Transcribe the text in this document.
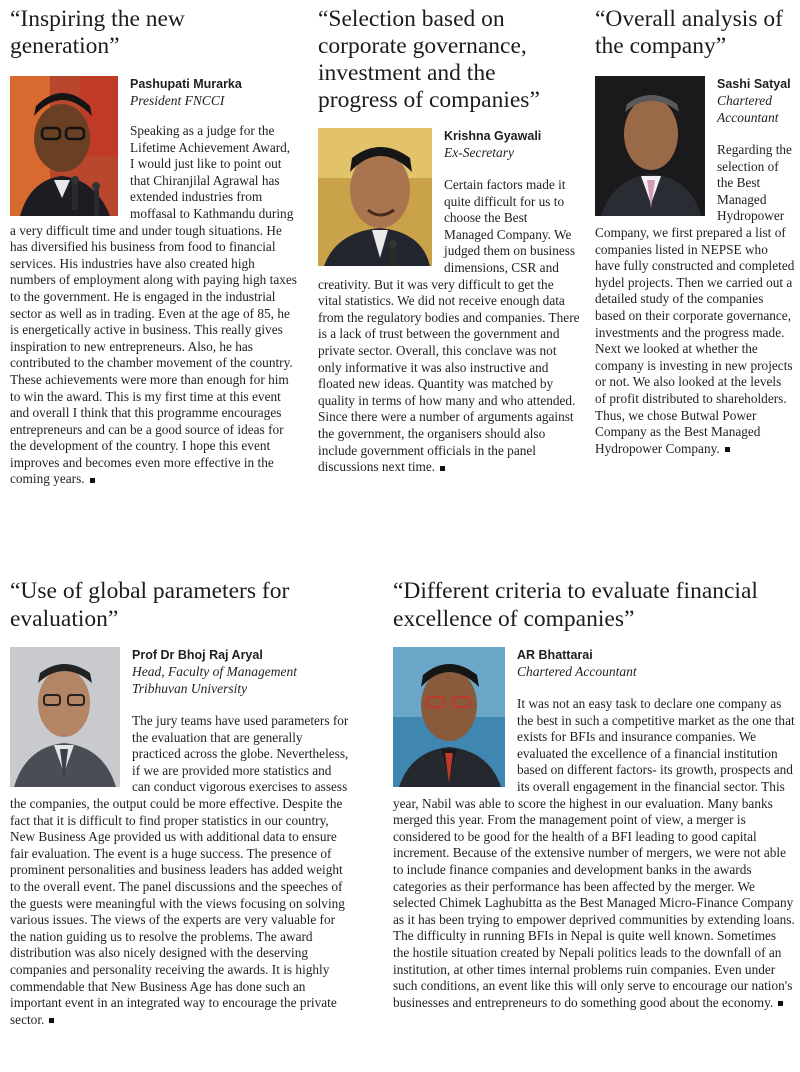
“Inspiring the new generation”
Pashupati Murarka
President FNCCI

Speaking as a judge for the Lifetime Achievement Award, I would just like to point out that Chiranjilal Agrawal has extended industries from moffasal to Kathmandu during a very difficult time and under tough situations. He has diversified his business from food to financial services. His industries have also created high numbers of employment along with paying high taxes to the government. He is engaged in the industrial sector as well as in trading. Even at the age of 85, he is energetically active in business. This really gives inspiration to new entrepreneurs. Also, he has contributed to the chamber movement of the country. These achievements were more than enough for him to win the award. This is my first time at this event and overall I think that this programme encourages entrepreneurs and can be a good source of ideas for the development of the country. I hope this event improves and becomes even more effective in the coming years.

“Selection based on corporate governance, investment and the progress of companies”
Krishna Gyawali
Ex-Secretary

Certain factors made it quite difficult for us to choose the Best Managed Company. We judged them on business dimensions, CSR and creativity. But it was very difficult to get the vital statistics. We did not receive enough data from the regulatory bodies and companies. There is a lack of trust between the government and private sector. Overall, this conclave was not only informative it was also instructive and floated new ideas. Quantity was matched by quality in terms of how many and who attended. Since there were a number of arguments against the government, the organisers should also include government officials in the panel discussions next time.

“Overall analysis of the company”
Sashi Satyal
Chartered Accountant

Regarding the selection of the Best Managed Hydropower Company, we first prepared a list of companies listed in NEPSE who have fully constructed and completed hydel projects. Then we carried out a detailed study of the companies based on their corporate governance, investments and the progress made. Next we looked at whether the company is investing in new projects or not. We also looked at the levels of profit distributed to shareholders. Thus, we chose Butwal Power Company as the Best Managed Hydropower Company.

“Use of global parameters for evaluation”
Prof Dr Bhoj Raj Aryal
Head, Faculty of Management Tribhuvan University

The jury teams have used parameters for the evaluation that are generally practiced across the globe. Nevertheless, if we are provided more statistics and can conduct vigorous exercises to assess the companies, the output could be more effective. Despite the fact that it is difficult to find proper statistics in our country, New Business Age provided us with additional data to ensure fair evaluation. The event is a huge success. The presence of prominent personalities and business leaders has added weight to the overall event. The panel discussions and the speeches of the guests were meaningful with the views focusing on solving various issues. The views of the experts are very valuable for the nation guiding us to resolve the problems. The award distribution was also nicely designed with the deserving companies and personality receiving the awards. It is highly commendable that New Business Age has done such an important event in an integrated way to encourage the private sector.

“Different criteria to evaluate financial excellence of companies”
AR Bhattarai
Chartered Accountant

It was not an easy task to declare one company as the best in such a competitive market as the one that exists for BFIs and insurance companies. We evaluated the excellence of a financial institution based on different factors- its growth, prospects and its overall engagement in the financial sector. This year, Nabil was able to score the highest in our evaluation. Many banks merged this year. From the management point of view, a merger is considered to be good for the health of a BFI leading to good capital increment. Because of the extensive number of mergers, we were not able to include finance companies and development banks in the awards categories as their performance has been affected by the merger. We selected Chimek Laghubitta as the Best Managed Micro-Finance Company as it has been trying to empower deprived communities by extending loans. The difficulty in running BFIs in Nepal is quite well known. Sometimes the hostile situation created by Nepali politics leads to the downfall of an institution, at other times internal problems ruin companies. Even under such conditions, an event like this will only serve to encourage our nation's businesses and entrepreneurs to do something good about the economy.
